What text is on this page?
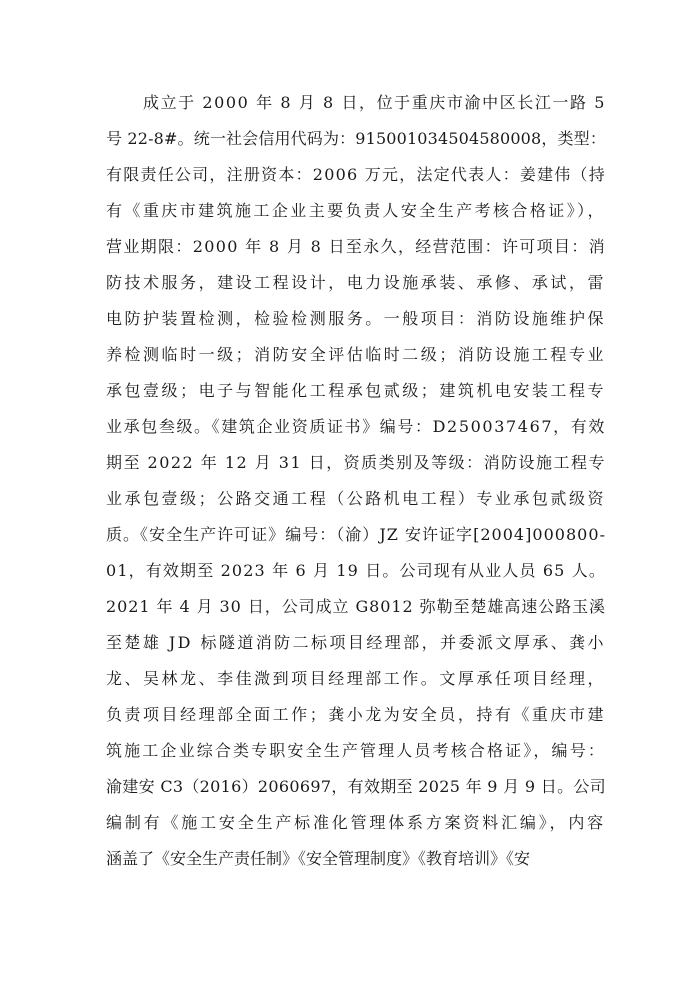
成立于 2000 年 8 月 8 日，位于重庆市渝中区长江一路 5
号 22-8#。统一社会信用代码为：915001034504580008，类型：
有限责任公司，注册资本：2006 万元，法定代表人：姜建伟（持
有《重庆市建筑施工企业主要负责人安全生产考核合格证》），
营业期限：2000 年 8 月 8 日至永久，经营范围：许可项目：消
防技术服务，建设工程设计，电力设施承装、承修、承试，雷
电防护装置检测，检验检测服务。一般项目：消防设施维护保
养检测临时一级；消防安全评估临时二级；消防设施工程专业
承包壹级；电子与智能化工程承包贰级；建筑机电安装工程专
业承包叁级。《建筑企业资质证书》编号：D250037467，有效
期至 2022 年 12 月 31 日，资质类别及等级：消防设施工程专
业承包壹级；公路交通工程（公路机电工程）专业承包贰级资
质。《安全生产许可证》编号：（渝）JZ 安许证字[2004]000800-
01，有效期至 2023 年 6 月 19 日。公司现有从业人员 65 人。
2021 年 4 月 30 日，公司成立 G8012 弥勒至楚雄高速公路玉溪
至楚雄 JD 标隧道消防二标项目经理部，并委派文厚承、龚小
龙、吴林龙、李佳溦到项目经理部工作。文厚承任项目经理，
负责项目经理部全面工作；龚小龙为安全员，持有《重庆市建
筑施工企业综合类专职安全生产管理人员考核合格证》，编号：
渝建安 C3（2016）2060697，有效期至 2025 年 9 月 9 日。公司
编制有《施工安全生产标准化管理体系方案资料汇编》，内容
涵盖了《安全生产责任制》《安全管理制度》《教育培训》《安
